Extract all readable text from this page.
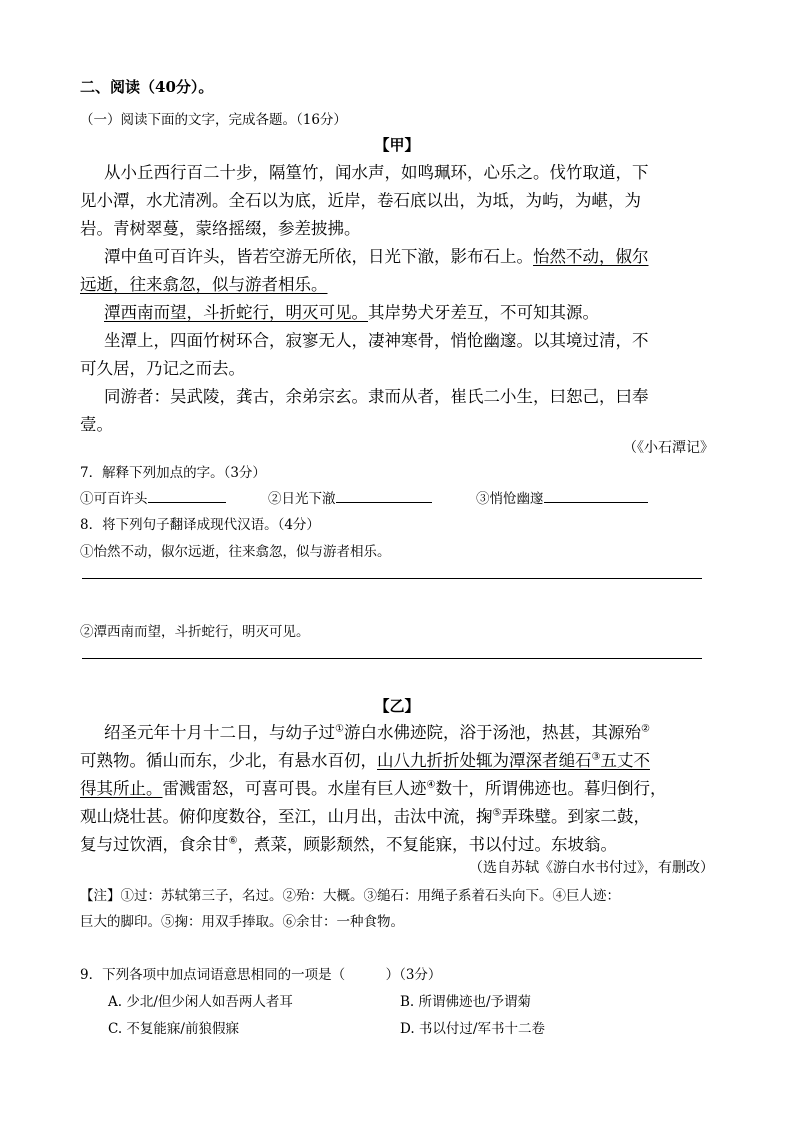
二、阅读（40分）。
（一）阅读下面的文字，完成各题。（16分）
【甲】
从小丘西行百二十步，隔篁竹，闻水声，如鸣珮环，心乐之。伐竹取道，下
见小潭，水尤清冽。全石以为底，近岸，卷石底以出，为坻，为屿，为嵁，为
岩。青树翠蔓，蒙络摇缀，参差披拂。
潭中鱼可百许头，皆若空游无所依，日光下澈，影布石上。怡然不动，俶尔
远逝，往来翕忽，似与游者相乐。
潭西南而望，斗折蛇行，明灭可见。其岸势犬牙差互，不可知其源。
坐潭上，四面竹树环合，寂寥无人，凄神寒骨，悄怆幽邃。以其境过清，不
可久居，乃记之而去。
同游者：吴武陵，龚古，余弟宗玄。隶而从者，崔氏二小生，曰恕己，曰奉
壹。
（《小石潭记》
7．解释下列加点的字。（3分）
①可百许头	②日光下澈	③悄怆幽邃
8．将下列句子翻译成现代汉语。（4分）
①怡然不动，俶尔远逝，往来翕忽，似与游者相乐。
②潭西南而望，斗折蛇行，明灭可见。
【乙】
绍圣元年十月十二日，与幼子过①游白水佛迹院，浴于汤池，热甚，其源殆②
可熟物。循山而东，少北，有悬水百仞，山八九折折处辄为潭深者缒石③五丈不
得其所止。雷溅雷怒，可喜可畏。水崖有巨人迹④数十，所谓佛迹也。暮归倒行，
观山烧壮甚。俯仰度数谷，至江，山月出，击汰中流，掬⑤弄珠璧。到家二鼓，
复与过饮酒，食余甘⑥，煮菜，顾影颓然，不复能寐，书以付过。东坡翁。
（选自苏轼《游白水书付过》，有删改）
【注】①过：苏轼第三子，名过。②殆：大概。③缒石：用绳子系着石头向下。④巨人迹：
巨大的脚印。⑤掬：用双手捧取。⑥余甘：一种食物。
9．下列各项中加点词语意思相同的一项是（　　　）（3分）
A. 少北/但少闲人如吾两人者耳	B. 所谓佛迹也/予谓菊
C. 不复能寐/前狼假寐	D. 书以付过/军书十二卷
